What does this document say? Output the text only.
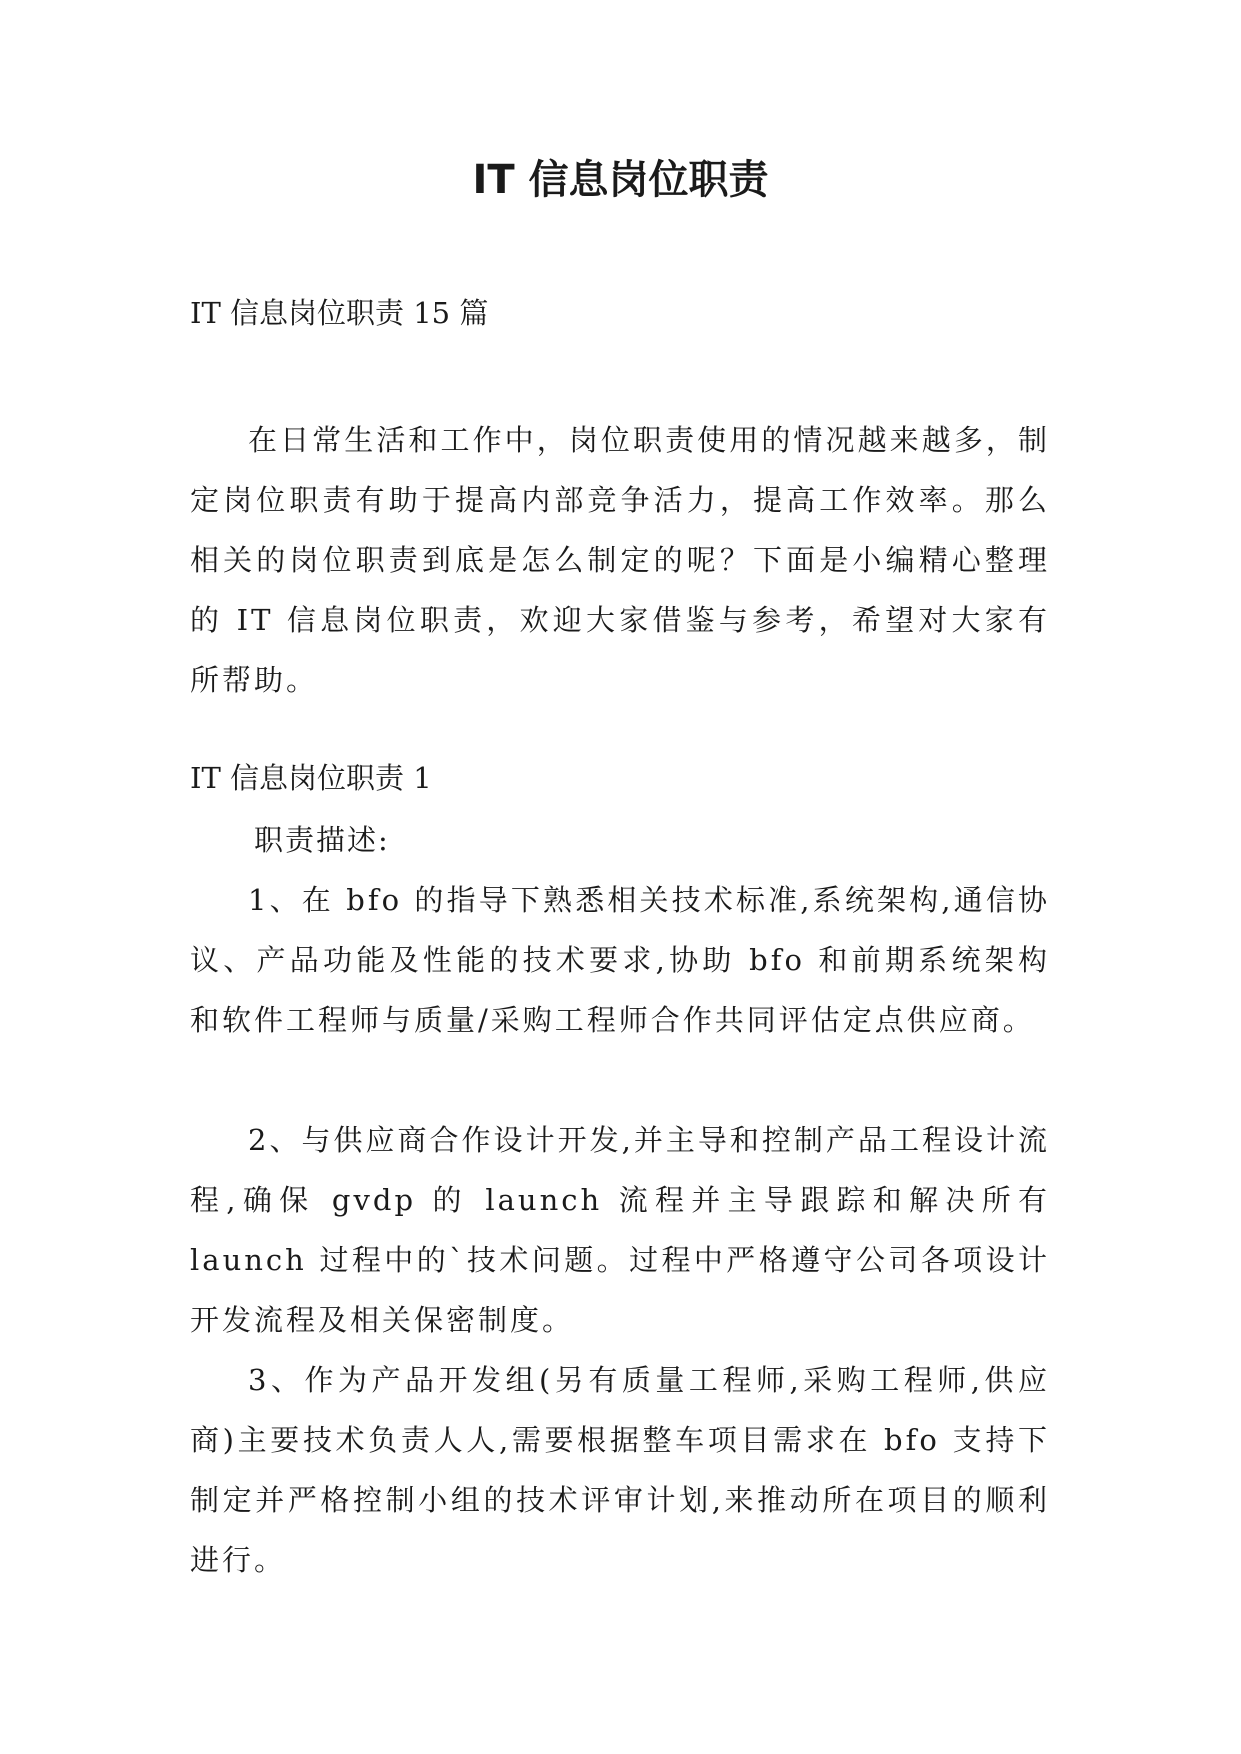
IT 信息岗位职责

IT 信息岗位职责 15 篇

在日常生活和工作中，岗位职责使用的情况越来越多，制定岗位职责有助于提高内部竞争活力，提高工作效率。那么相关的岗位职责到底是怎么制定的呢？下面是小编精心整理的 IT 信息岗位职责，欢迎大家借鉴与参考，希望对大家有所帮助。

IT 信息岗位职责 1

职责描述:

1、在 bfo 的指导下熟悉相关技术标准,系统架构,通信协议、产品功能及性能的技术要求,协助 bfo 和前期系统架构和软件工程师与质量/采购工程师合作共同评估定点供应商。

2、与供应商合作设计开发,并主导和控制产品工程设计流程,确保 gvdp 的 launch 流程并主导跟踪和解决所有 launch 过程中的`技术问题。过程中严格遵守公司各项设计开发流程及相关保密制度。

3、作为产品开发组(另有质量工程师,采购工程师,供应商)主要技术负责人人,需要根据整车项目需求在 bfo 支持下制定并严格控制小组的技术评审计划,来推动所在项目的顺利进行。
